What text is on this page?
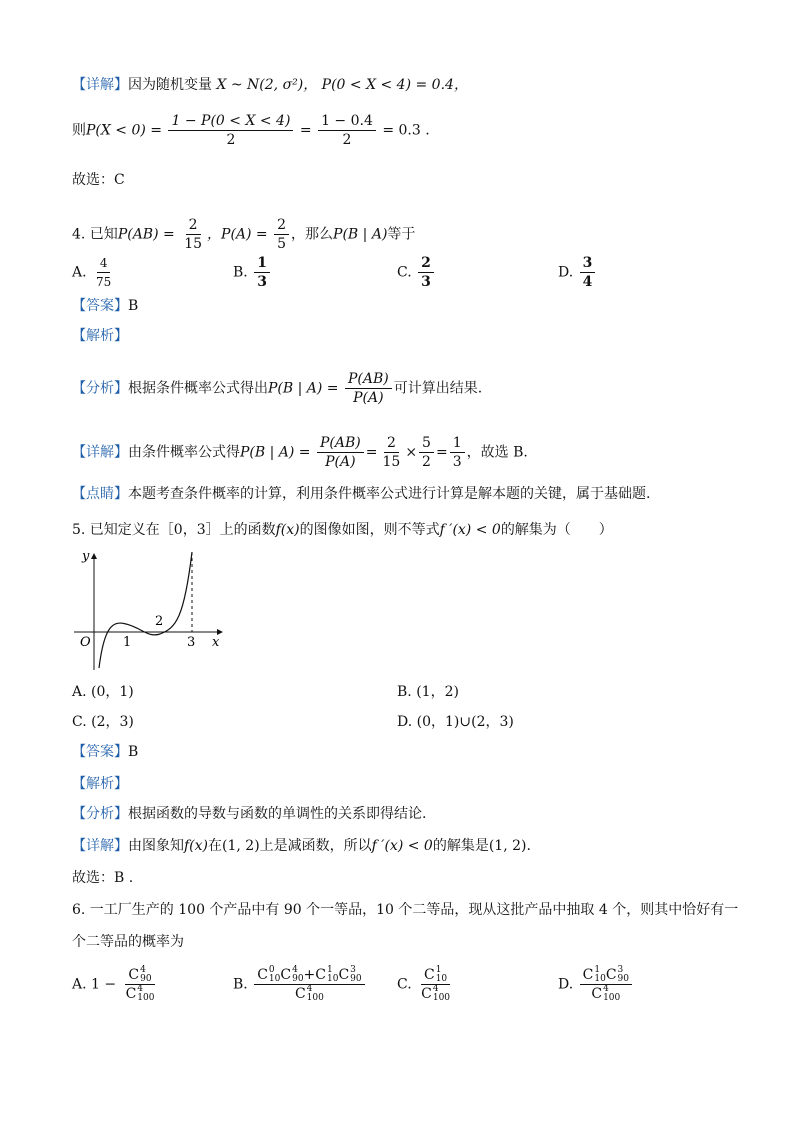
【详解】因为随机变量 X ~ N(2, σ²)， P(0 < X < 4) = 0.4，
则$P(X < 0) = \frac{1 - P(0 < X < 4)}{2} = \frac{1 - 0.4}{2} = 0.3$ .
故选：C
4. 已知$P(AB) = \frac{2}{15}$ ，$P(A) = \frac{2}{5}$ ，那么P(B | A)等于
A. $\frac{4}{75}$	B. $\frac{1}{3}$	C. $\frac{2}{3}$	D. $\frac{3}{4}$
【答案】B
【解析】
【分析】根据条件概率公式得出P(B | $A) = \frac{P(AB)}{P(A)}$ 可计算出结果.
【详解】由条件概率公式得P(B | $A) = \frac{P(AB)}{P(A)} = \frac{2}{15} \times \frac{5}{2} = \frac{1}{3}$ ，故选 B.
【点睛】本题考查条件概率的计算，利用条件概率公式进行计算是解本题的关键，属于基础题.
5. 已知定义在［0，3］上的函数f(x)的图像如图，则不等式f ′(x) < 0的解集为（　　）
y
x
O 1
2
3
A. (0，1)	B. (1，2)
C. (2，3)	D. (0，1)∪(2，3)
【答案】B
【解析】
【分析】根据函数的导数与函数的单调性的关系即得结论.
【详解】由图象知f(x)在(1, 2)上是减函数，所以f ′(x) < 0的解集是(1, 2).
故选：B .
6. 一工厂生产的 100 个产品中有 90 个一等品，10 个二等品，现从这批产品中抽取 4 个，则其中恰好有一
个二等品的概率为
A. 1 − C 4
90
C 4
100	B. C 0
10 C 4
90 +C 1
10 C 3
90
C 4
100 C. C 1
10
C 4
100	D. C 1
10 C 3
90
C 4
100
